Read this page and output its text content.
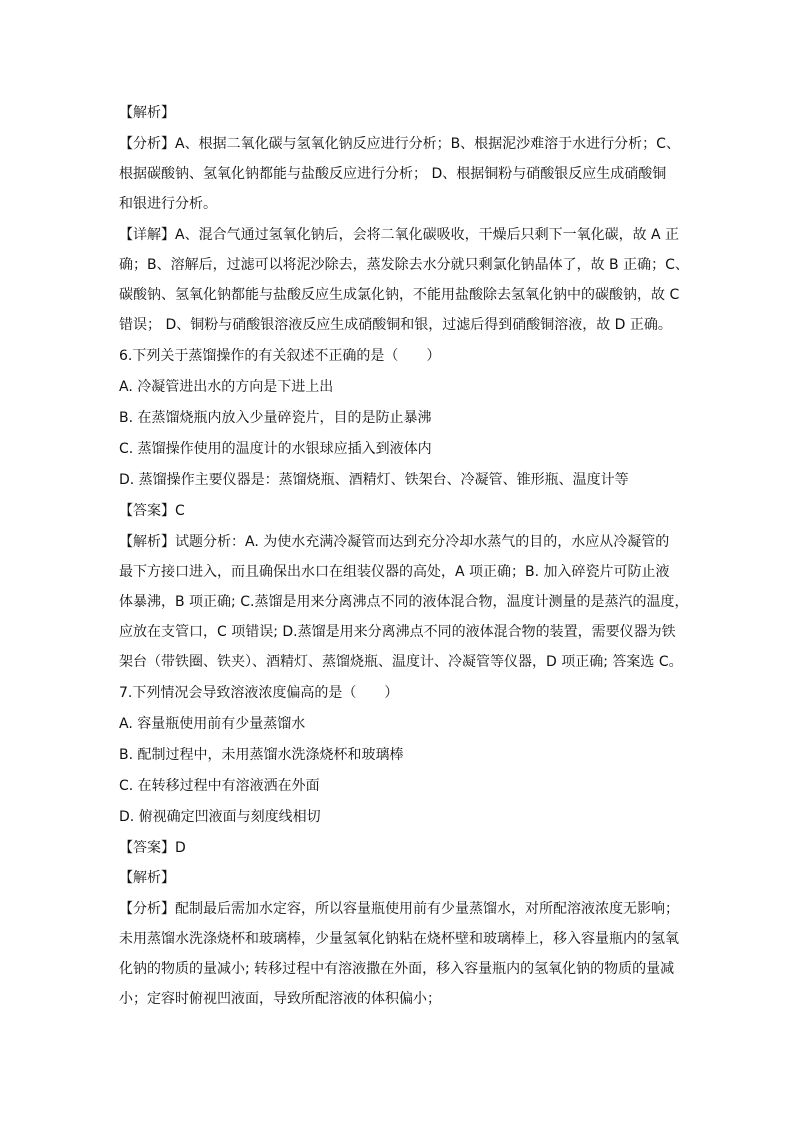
【解析】

【分析】A、根据二氧化碳与氢氧化钠反应进行分析；B、根据泥沙难溶于水进行分析；C、

根据碳酸钠、氢氧化钠都能与盐酸反应进行分析； D、根据铜粉与硝酸银反应生成硝酸铜

和银进行分析。

【详解】A、混合气通过氢氧化钠后，会将二氧化碳吸收，干燥后只剩下一氧化碳，故 A 正

确；B、溶解后，过滤可以将泥沙除去，蒸发除去水分就只剩氯化钠晶体了，故 B 正确；C、

碳酸钠、氢氧化钠都能与盐酸反应生成氯化钠，不能用盐酸除去氢氧化钠中的碳酸钠，故 C

错误； D、铜粉与硝酸银溶液反应生成硝酸铜和银，过滤后得到硝酸铜溶液，故 D 正确。

6.下列关于蒸馏操作的有关叙述不正确的是（　　）

A. 冷凝管进出水的方向是下进上出

B. 在蒸馏烧瓶内放入少量碎瓷片，目的是防止暴沸

C. 蒸馏操作使用的温度计的水银球应插入到液体内

D. 蒸馏操作主要仪器是：蒸馏烧瓶、酒精灯、铁架台、冷凝管、锥形瓶、温度计等

【答案】C

【解析】试题分析：A. 为使水充满冷凝管而达到充分冷却水蒸气的目的，水应从冷凝管的

最下方接口进入，而且确保出水口在组装仪器的高处，A 项正确；B. 加入碎瓷片可防止液

体暴沸，B 项正确; C.蒸馏是用来分离沸点不同的液体混合物，温度计测量的是蒸汽的温度，

应放在支管口，C 项错误; D.蒸馏是用来分离沸点不同的液体混合物的装置，需要仪器为铁

架台（带铁圈、铁夹）、酒精灯、蒸馏烧瓶、温度计、冷凝管等仪器，D 项正确; 答案选 C。

7.下列情况会导致溶液浓度偏高的是（　　）

A. 容量瓶使用前有少量蒸馏水

B. 配制过程中，未用蒸馏水洗涤烧杯和玻璃棒

C. 在转移过程中有溶液洒在外面

D. 俯视确定凹液面与刻度线相切

【答案】D

【解析】

【分析】配制最后需加水定容，所以容量瓶使用前有少量蒸馏水，对所配溶液浓度无影响；

未用蒸馏水洗涤烧杯和玻璃棒，少量氢氧化钠粘在烧杯壁和玻璃棒上，移入容量瓶内的氢氧

化钠的物质的量减小; 转移过程中有溶液撒在外面，移入容量瓶内的氢氧化钠的物质的量减

小；定容时俯视凹液面，导致所配溶液的体积偏小；
